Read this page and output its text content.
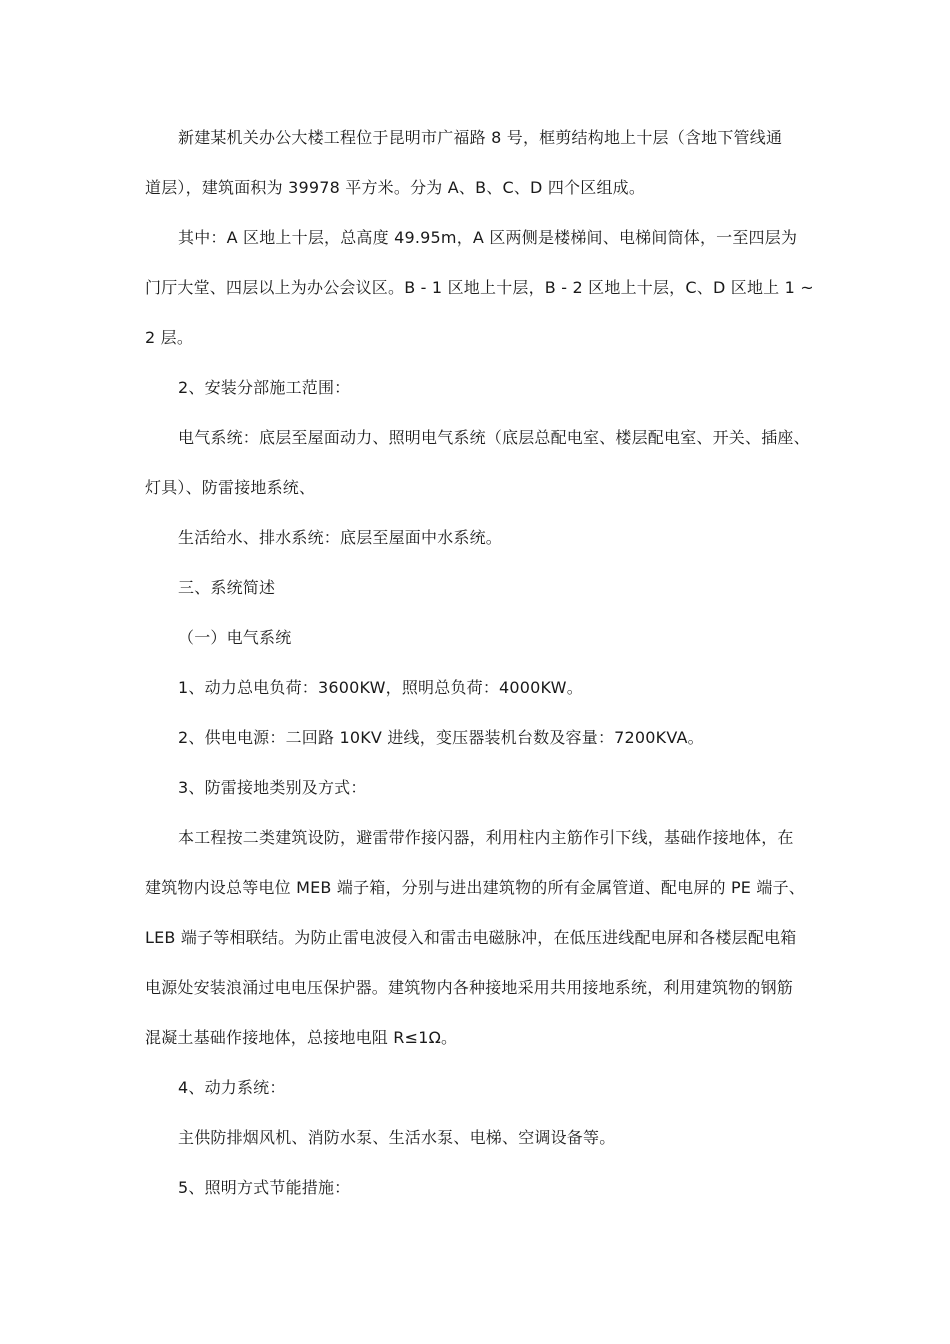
新建某机关办公大楼工程位于昆明市广福路 8 号，框剪结构地上十层（含地下管线通
道层），建筑面积为 39978 平方米。分为 A、B、C、D 四个区组成。
其中：A 区地上十层，总高度 49.95m，A 区两侧是楼梯间、电梯间筒体，一至四层为
门厅大堂、四层以上为办公会议区。B - 1 区地上十层，B - 2 区地上十层，C、D 区地上 1 ~
2 层。
2、安装分部施工范围：
电气系统：底层至屋面动力、照明电气系统（底层总配电室、楼层配电室、开关、插座、
灯具）、防雷接地系统、
生活给水、排水系统：底层至屋面中水系统。
三、系统简述
（一）电气系统
1、动力总电负荷：3600KW，照明总负荷：4000KW。
2、供电电源：二回路 10KV 进线，变压器装机台数及容量：7200KVA。
3、防雷接地类别及方式：
本工程按二类建筑设防，避雷带作接闪器，利用柱内主筋作引下线，基础作接地体，在
建筑物内设总等电位 MEB 端子箱，分别与进出建筑物的所有金属管道、配电屏的 PE 端子、
LEB 端子等相联结。为防止雷电波侵入和雷击电磁脉冲，在低压进线配电屏和各楼层配电箱
电源处安装浪涌过电电压保护器。建筑物内各种接地采用共用接地系统，利用建筑物的钢筋
混凝土基础作接地体，总接地电阻 R≤1Ω。
4、动力系统：
主供防排烟风机、消防水泵、生活水泵、电梯、空调设备等。
5、照明方式节能措施：
